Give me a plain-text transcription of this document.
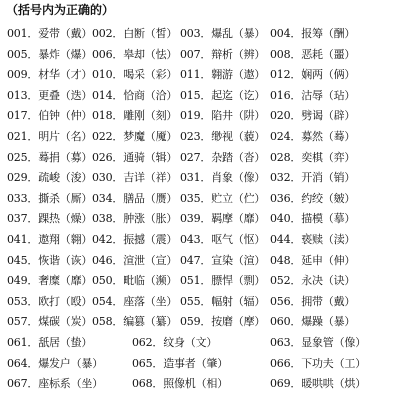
（括号内为正确的）
001．爱带（戴） 002．白断（皙） 003．爆乱（暴） 004．报筹（酬）
005．暴炸（爆） 006．皋却（怯） 007．辩析（辨） 008．恶耗（噩）
009．材华（才） 010．喝采（彩） 011．翱游（遨） 012．娴两（俩）
013．更叠（迭） 014．恰商（洽） 015．起迄（讫） 016．沽辱（玷）
017．伯钟（仲） 018．雕刚（刻） 019．陷井（阱） 020．劈谒（辟）
021．明片（名） 022．梦魔（魇） 023．缈视（藐） 024．募然（蓦）
025．蓦捐（募） 026．通骑（辑） 027．杂踏（沓） 028．奕棋（弈）
029．疏峻（浚） 030．吉详（祥） 031．肖象（像） 032．开消（销）
033．撕杀（厮） 034．膳品（赝） 035．贮立（伫） 036．约绞（皴）
037．踝热（燥） 038．肿涨（胀） 039．羁摩（靡） 040．描模（摹）
041．遨翔（翱） 042．振撼（震） 043．呕气（怄） 044．亵赎（渎）
045．恢谐（诙） 046．渲泄（宣） 047．宣染（渲） 048．延申（伸）
049．奢糜（靡） 050．毗临（濒） 051．膘悍（剽） 052．永决（诀）
053．欧打（殴） 054．座落（坐） 055．幅射（辐） 056．拥带（戴）
057．煤碳（炭） 058．编篡（纂） 059．按磨（摩） 060．爆躁（暴）
061．舐居（蛰）	062．纹身（文）	063．显象管（像）
064．爆发户（暴）	065．造事者（肇）	066．下功夫（工）
067．座标系（坐）	068．照像机（相）	069．暖哄哄（烘）
